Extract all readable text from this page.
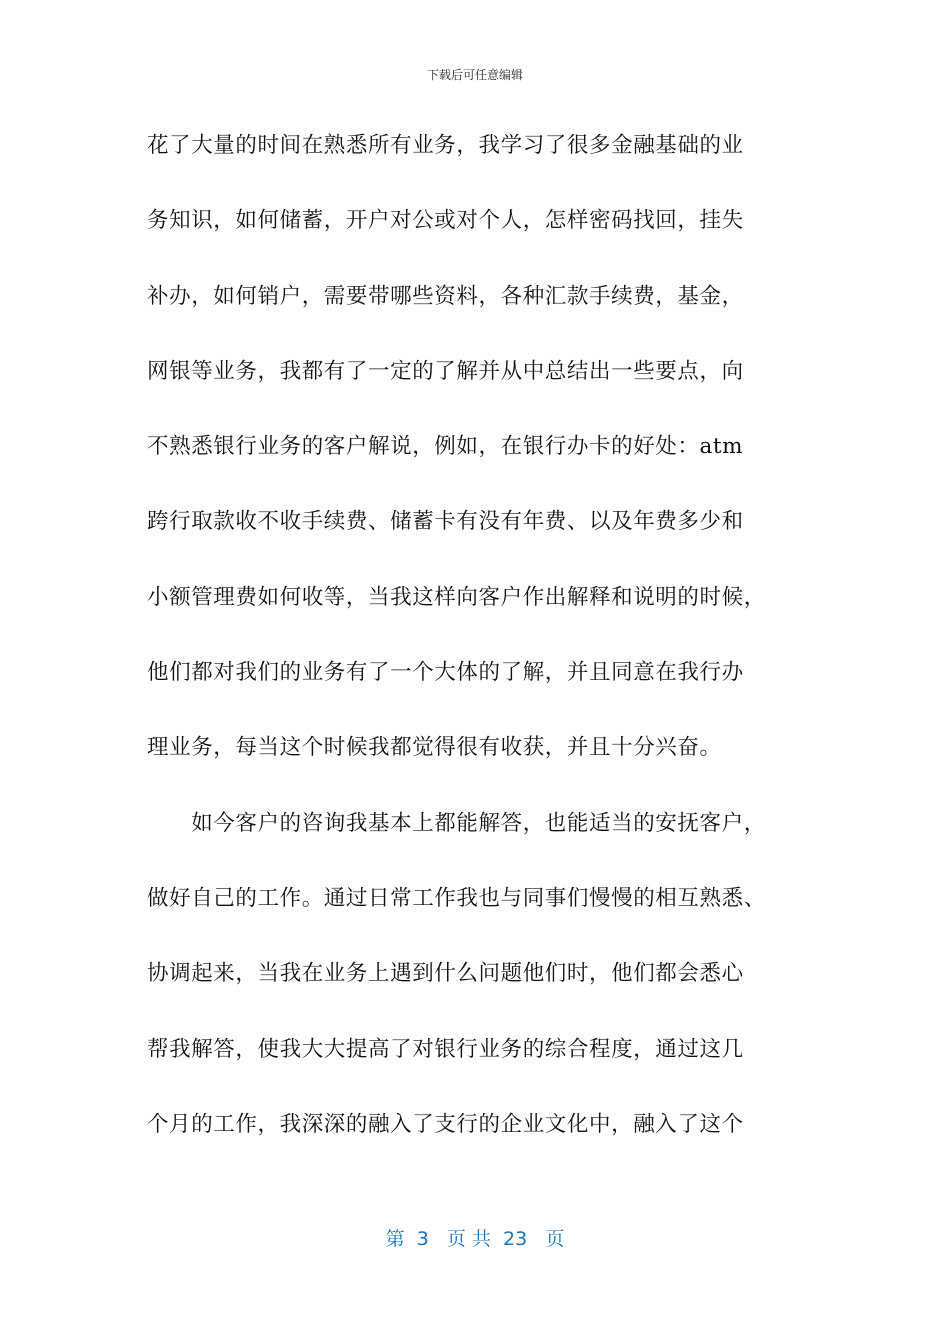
下载后可任意编辑
花了大量的时间在熟悉所有业务，我学习了很多金融基础的业
务知识，如何储蓄，开户对公或对个人，怎样密码找回，挂失
补办，如何销户，需要带哪些资料，各种汇款手续费，基金，
网银等业务，我都有了一定的了解并从中总结出一些要点，向
不熟悉银行业务的客户解说，例如，在银行办卡的好处：atm
跨行取款收不收手续费、储蓄卡有没有年费、以及年费多少和
小额管理费如何收等，当我这样向客户作出解释和说明的时候，
他们都对我们的业务有了一个大体的了解，并且同意在我行办
理业务，每当这个时候我都觉得很有收获，并且十分兴奋。
　　如今客户的咨询我基本上都能解答，也能适当的安抚客户，
做好自己的工作。通过日常工作我也与同事们慢慢的相互熟悉、
协调起来，当我在业务上遇到什么问题他们时，他们都会悉心
帮我解答，使我大大提高了对银行业务的综合程度，通过这几
个月的工作，我深深的融入了支行的企业文化中，融入了这个
第  3   页 共  23   页
